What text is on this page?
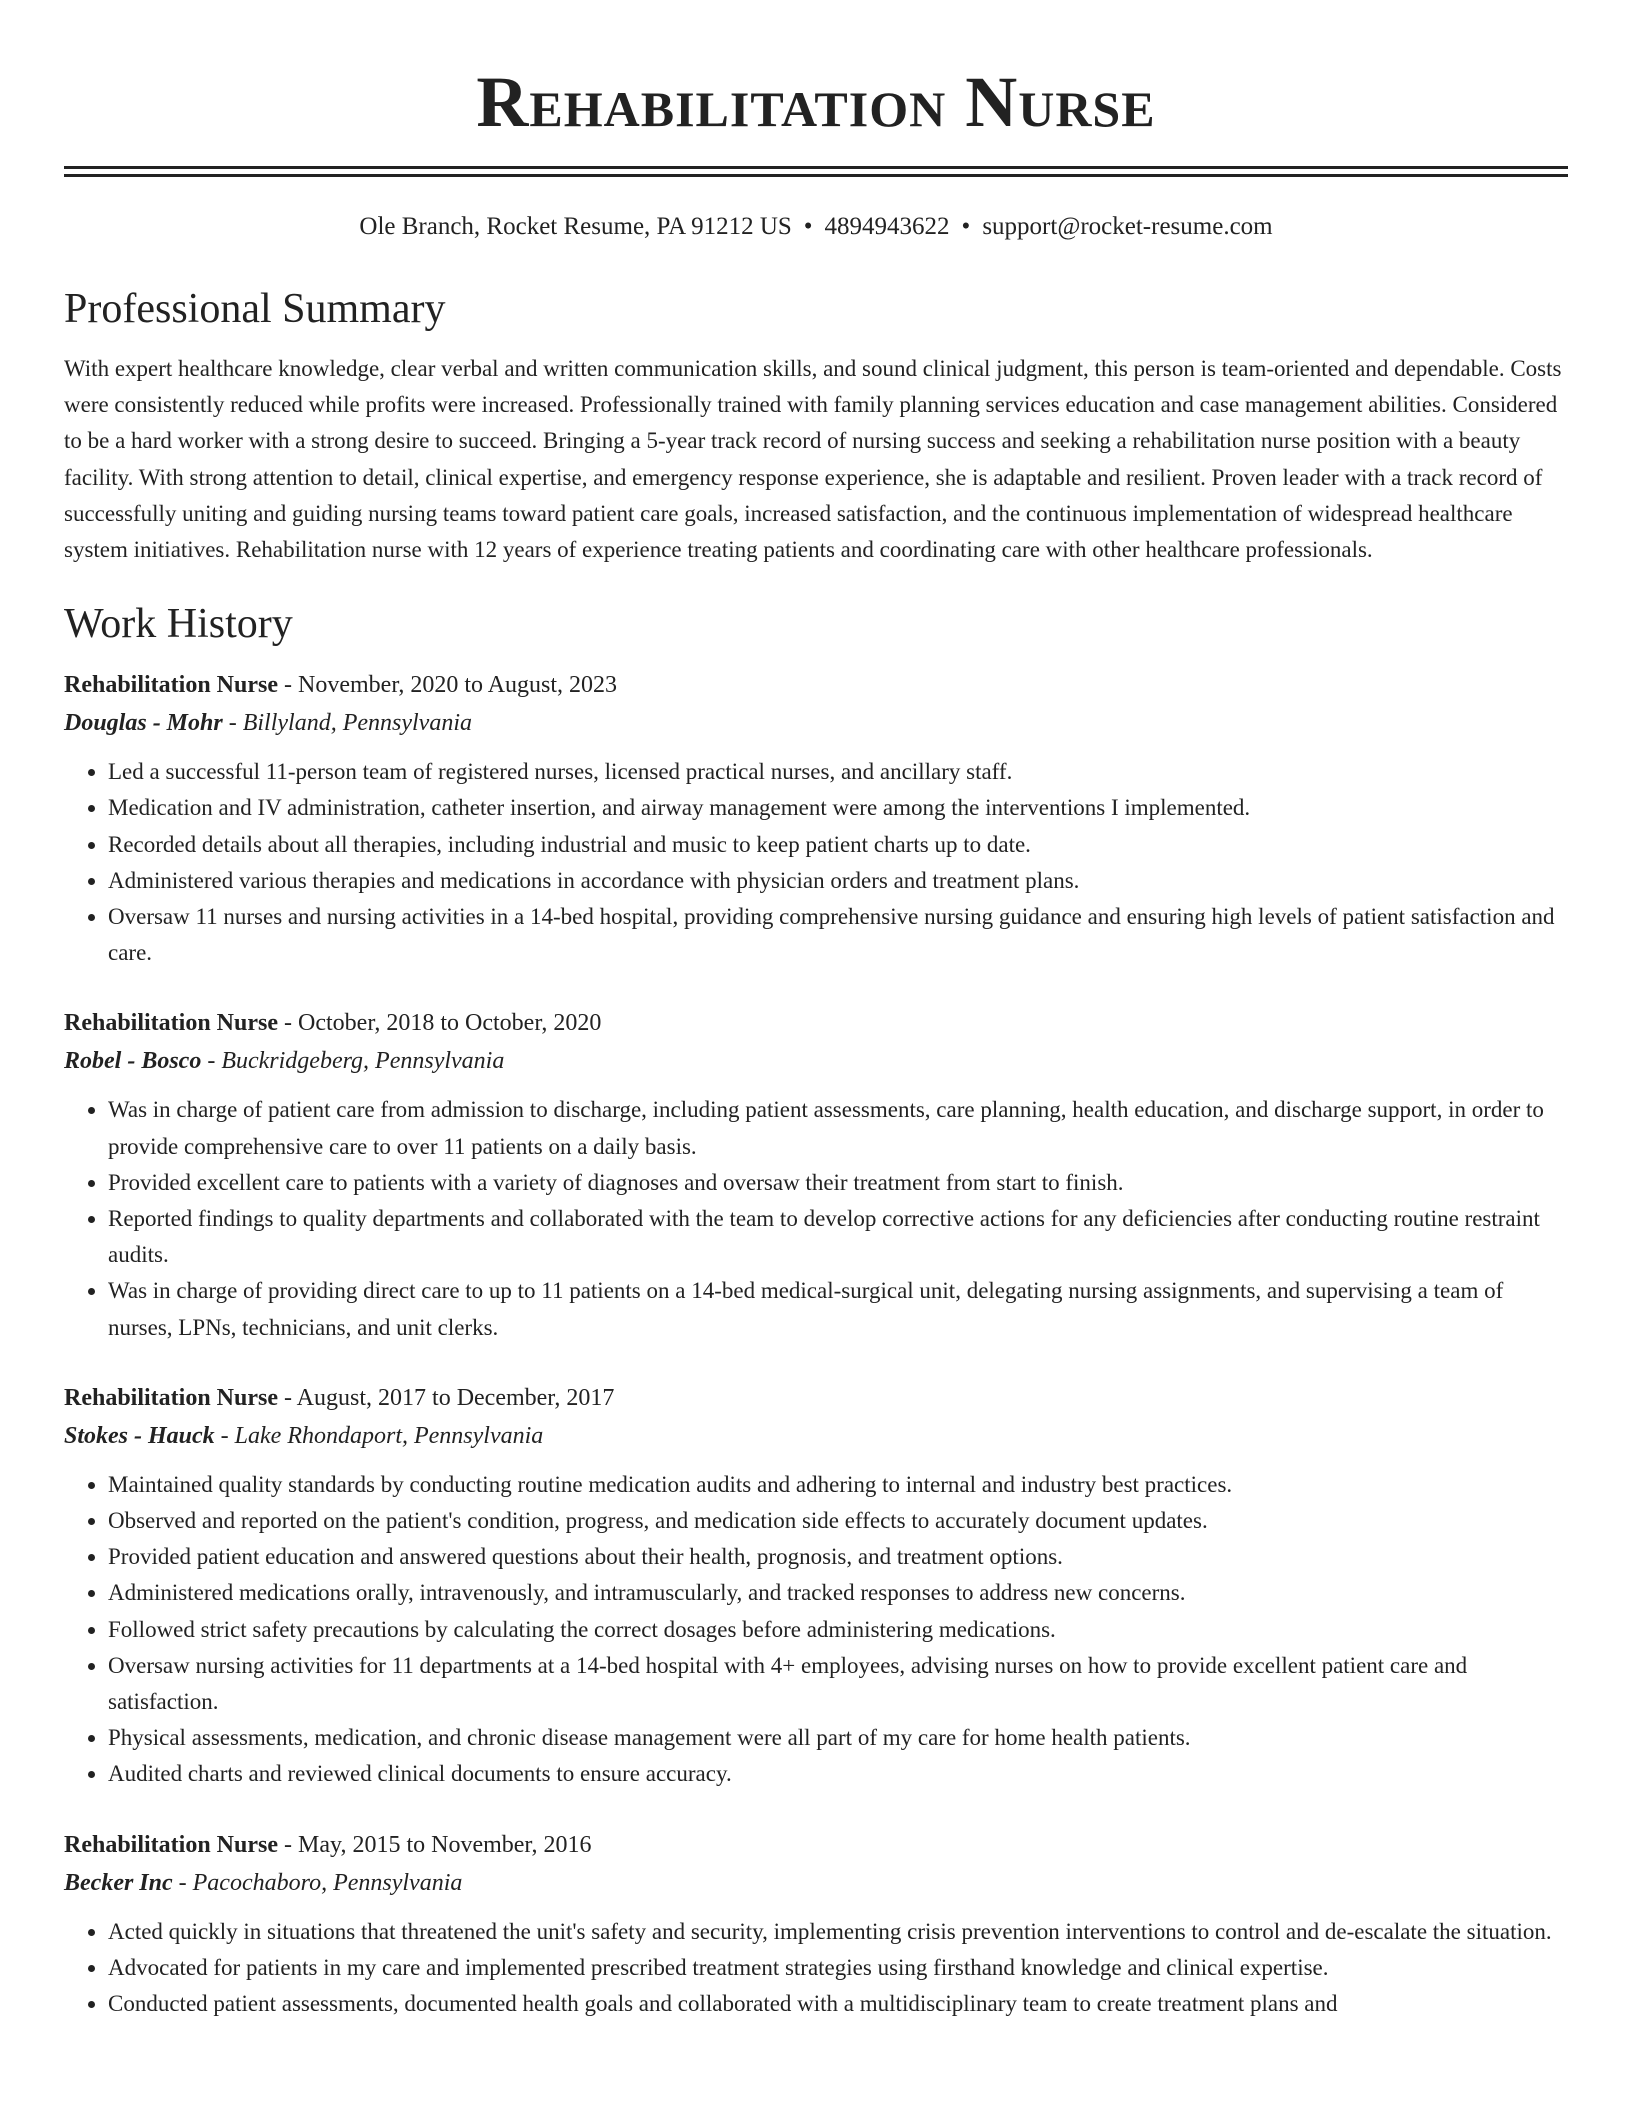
Rehabilitation Nurse
Ole Branch, Rocket Resume, PA 91212 US • 4894943622 • support@rocket-resume.com
Professional Summary

With expert healthcare knowledge, clear verbal and written communication skills, and sound clinical judgment, this person is team-oriented and dependable. Costs were consistently reduced while profits were increased. Professionally trained with family planning services education and case management abilities. Considered to be a hard worker with a strong desire to succeed. Bringing a 5-year track record of nursing success and seeking a rehabilitation nurse position with a beauty facility. With strong attention to detail, clinical expertise, and emergency response experience, she is adaptable and resilient. Proven leader with a track record of successfully uniting and guiding nursing teams toward patient care goals, increased satisfaction, and the continuous implementation of widespread healthcare system initiatives. Rehabilitation nurse with 12 years of experience treating patients and coordinating care with other healthcare professionals.

Work History
Rehabilitation Nurse - November, 2020 to August, 2023
Douglas - Mohr - Billyland, Pennsylvania
• Led a successful 11-person team of registered nurses, licensed practical nurses, and ancillary staff.
• Medication and IV administration, catheter insertion, and airway management were among the interventions I implemented.
• Recorded details about all therapies, including industrial and music to keep patient charts up to date.
• Administered various therapies and medications in accordance with physician orders and treatment plans.
• Oversaw 11 nurses and nursing activities in a 14-bed hospital, providing comprehensive nursing guidance and ensuring high levels of patient satisfaction and care.
Rehabilitation Nurse - October, 2018 to October, 2020
Robel - Bosco - Buckridgeberg, Pennsylvania
• Was in charge of patient care from admission to discharge, including patient assessments, care planning, health education, and discharge support, in order to provide comprehensive care to over 11 patients on a daily basis.
• Provided excellent care to patients with a variety of diagnoses and oversaw their treatment from start to finish.
• Reported findings to quality departments and collaborated with the team to develop corrective actions for any deficiencies after conducting routine restraint audits.
• Was in charge of providing direct care to up to 11 patients on a 14-bed medical-surgical unit, delegating nursing assignments, and supervising a team of nurses, LPNs, technicians, and unit clerks.
Rehabilitation Nurse - August, 2017 to December, 2017
Stokes - Hauck - Lake Rhondaport, Pennsylvania
• Maintained quality standards by conducting routine medication audits and adhering to internal and industry best practices.
• Observed and reported on the patient's condition, progress, and medication side effects to accurately document updates.
• Provided patient education and answered questions about their health, prognosis, and treatment options.
• Administered medications orally, intravenously, and intramuscularly, and tracked responses to address new concerns.
• Followed strict safety precautions by calculating the correct dosages before administering medications.
• Oversaw nursing activities for 11 departments at a 14-bed hospital with 4+ employees, advising nurses on how to provide excellent patient care and satisfaction.
• Physical assessments, medication, and chronic disease management were all part of my care for home health patients.
• Audited charts and reviewed clinical documents to ensure accuracy.
Rehabilitation Nurse - May, 2015 to November, 2016
Becker Inc - Pacochaboro, Pennsylvania
• Acted quickly in situations that threatened the unit's safety and security, implementing crisis prevention interventions to control and de-escalate the situation.
• Advocated for patients in my care and implemented prescribed treatment strategies using firsthand knowledge and clinical expertise.
• Conducted patient assessments, documented health goals and collaborated with a multidisciplinary team to create treatment plans and
